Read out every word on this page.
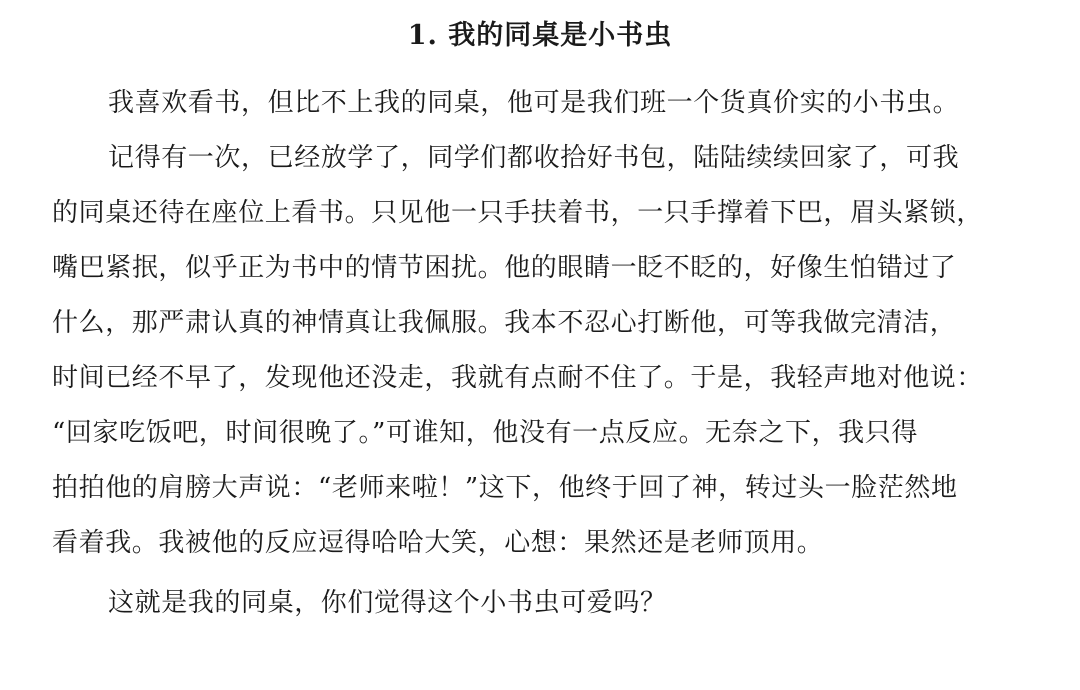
1. 我的同桌是小书虫
我喜欢看书，但比不上我的同桌，他可是我们班一个货真价实的小书虫。
记得有一次，已经放学了，同学们都收拾好书包，陆陆续续回家了，可我
的同桌还待在座位上看书。只见他一只手扶着书，一只手撑着下巴，眉头紧锁，
嘴巴紧抿，似乎正为书中的情节困扰。他的眼睛一眨不眨的，好像生怕错过了
什么，那严肃认真的神情真让我佩服。我本不忍心打断他，可等我做完清洁，
时间已经不早了，发现他还没走，我就有点耐不住了。于是，我轻声地对他说：
“回家吃饭吧，时间很晚了。”可谁知，他没有一点反应。无奈之下，我只得
拍拍他的肩膀大声说：“老师来啦！”这下，他终于回了神，转过头一脸茫然地
看着我。我被他的反应逗得哈哈大笑，心想：果然还是老师顶用。
这就是我的同桌，你们觉得这个小书虫可爱吗？
